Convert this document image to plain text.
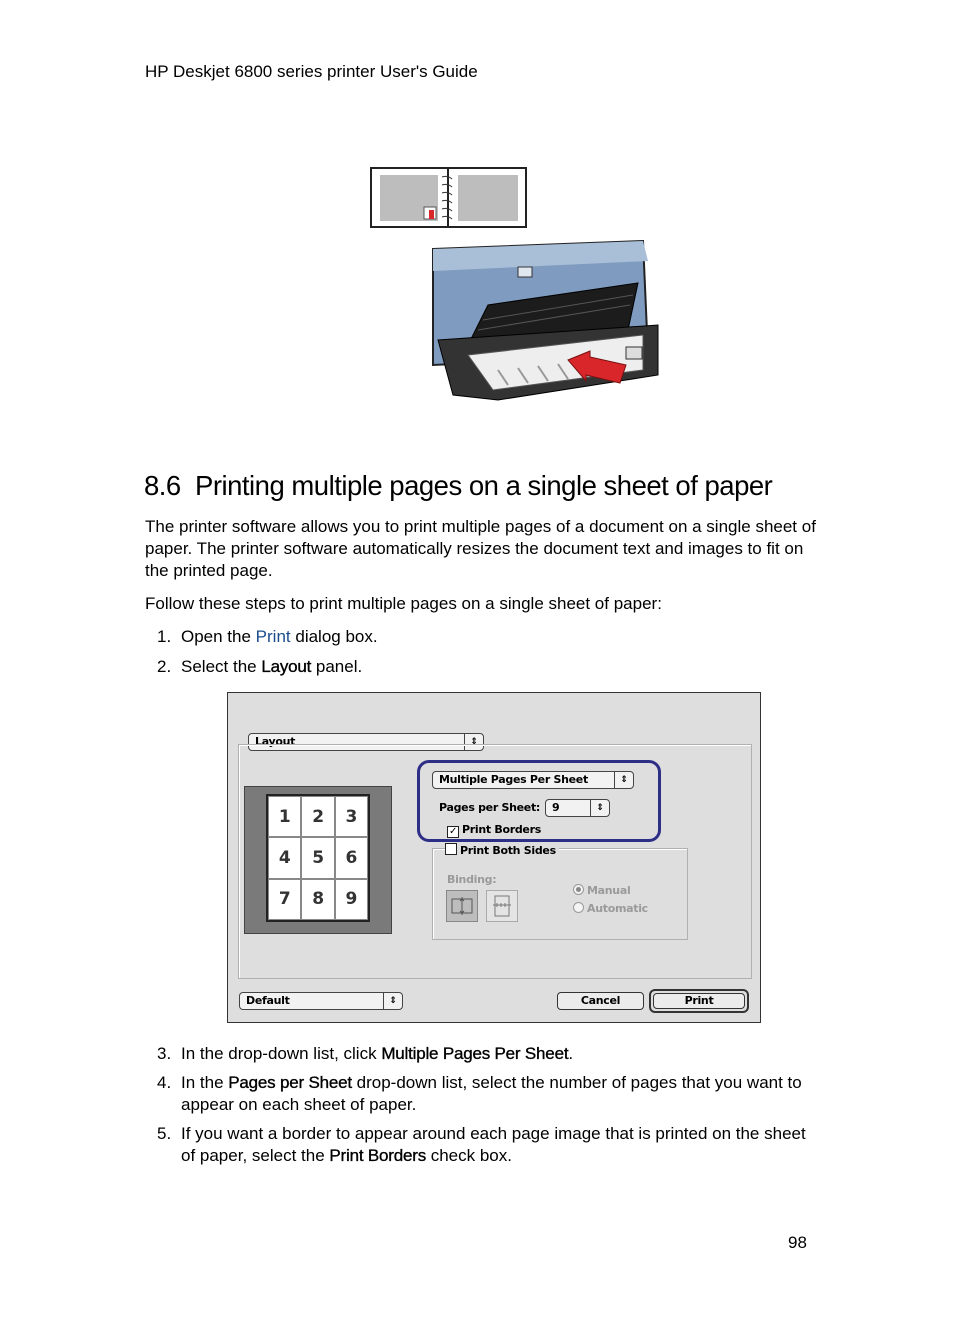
HP Deskjet 6800 series printer User's Guide
8.6 Printing multiple pages on a single sheet of paper
The printer software allows you to print multiple pages of a document on a single sheet of paper. The printer software automatically resizes the document text and images to fit on the printed page.
Follow these steps to print multiple pages on a single sheet of paper:
1. Open the Print dialog box.
2. Select the Layout panel.
Layout	⇕
1	2	3
4	5	6
7	8	9
Multiple Pages Per Sheet	⇕
Pages per Sheet:	9	⇕
✓ Print Borders
Print Both Sides
Binding:
Manual
Automatic
Default	⇕	Cancel	Print
3. In the drop-down list, click Multiple Pages Per Sheet.
4. In the Pages per Sheet drop-down list, select the number of pages that you want to appear on each sheet of paper.
5. If you want a border to appear around each page image that is printed on the sheet of paper, select the Print Borders check box.
98
